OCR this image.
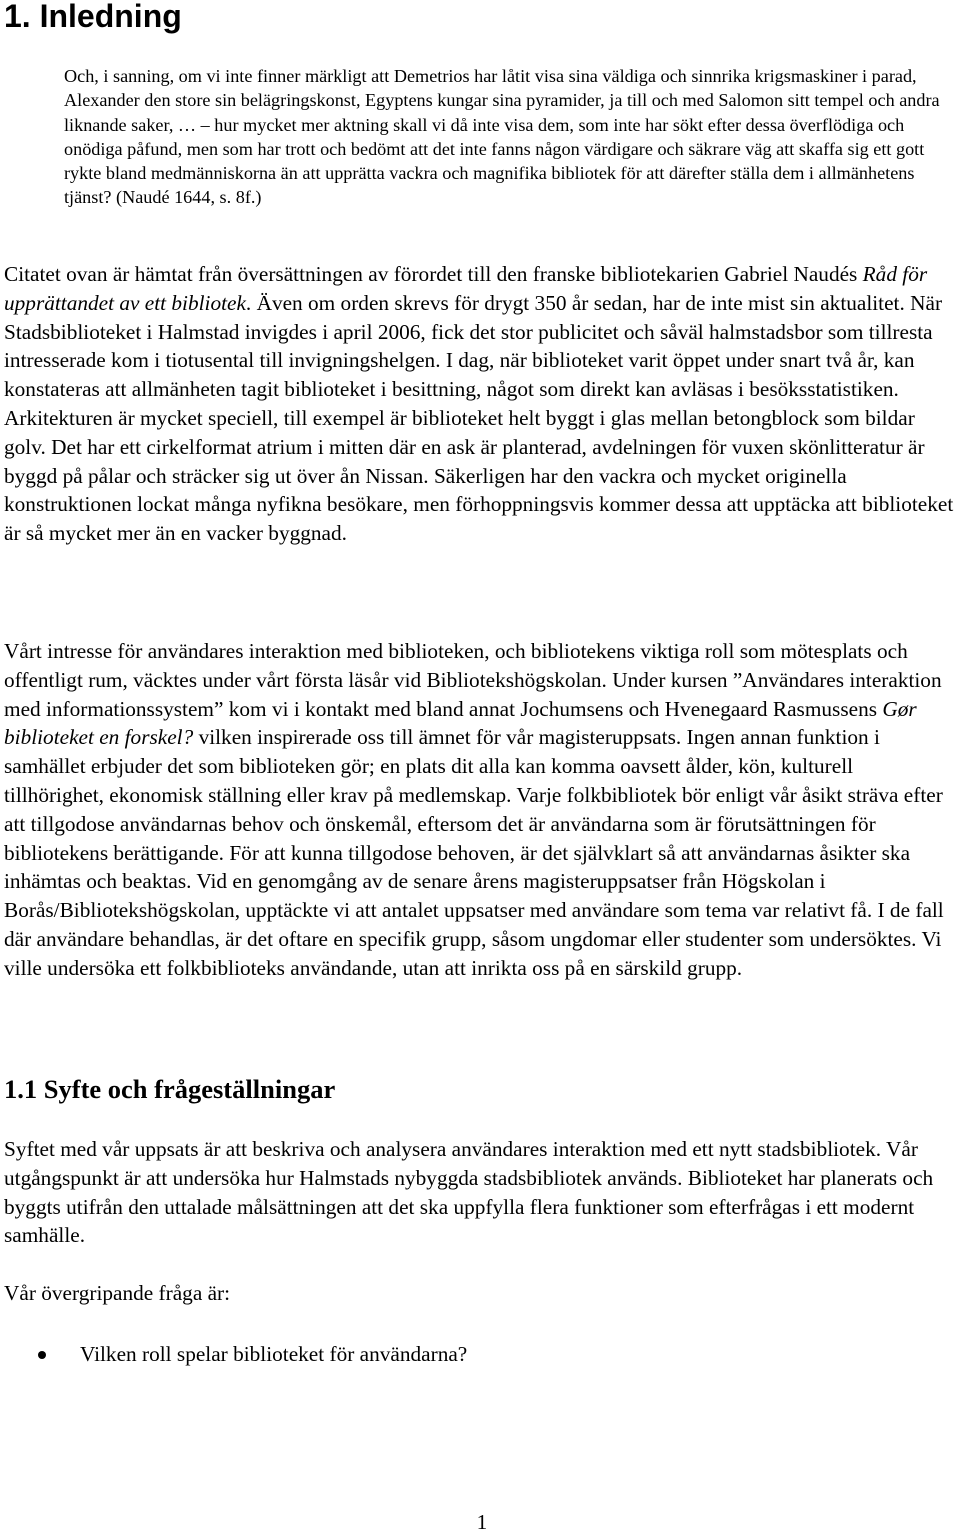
1. Inledning

Och, i sanning, om vi inte finner märkligt att Demetrios har låtit visa sina väldiga och sinnrika krigsmaskiner i parad, Alexander den store sin belägringskonst, Egyptens kungar sina pyramider, ja till och med Salomon sitt tempel och andra liknande saker, … – hur mycket mer aktning skall vi då inte visa dem, som inte har sökt efter dessa överflödiga och onödiga påfund, men som har trott och bedömt att det inte fanns någon värdigare och säkrare väg att skaffa sig ett gott rykte bland medmänniskorna än att upprätta vackra och magnifika bibliotek för att därefter ställa dem i allmänhetens tjänst? (Naudé 1644, s. 8f.)

Citatet ovan är hämtat från översättningen av förordet till den franske bibliotekarien Gabriel Naudés Råd för upprättandet av ett bibliotek. Även om orden skrevs för drygt 350 år sedan, har de inte mist sin aktualitet. När Stadsbiblioteket i Halmstad invigdes i april 2006, fick det stor publicitet och såväl halmstadsbor som tillresta intresserade kom i tiotusental till invigningshelgen. I dag, när biblioteket varit öppet under snart två år, kan konstateras att allmänheten tagit biblioteket i besittning, något som direkt kan avläsas i besöksstatistiken. Arkitekturen är mycket speciell, till exempel är biblioteket helt byggt i glas mellan betongblock som bildar golv. Det har ett cirkelformat atrium i mitten där en ask är planterad, avdelningen för vuxen skönlitteratur är byggd på pålar och sträcker sig ut över ån Nissan. Säkerligen har den vackra och mycket originella konstruktionen lockat många nyfikna besökare, men förhoppningsvis kommer dessa att upptäcka att biblioteket är så mycket mer än en vacker byggnad.

Vårt intresse för användares interaktion med biblioteken, och bibliotekens viktiga roll som mötesplats och offentligt rum, väcktes under vårt första läsår vid Bibliotekshögskolan. Under kursen ”Användares interaktion med informationssystem” kom vi i kontakt med bland annat Jochumsens och Hvenegaard Rasmussens Gør biblioteket en forskel? vilken inspirerade oss till ämnet för vår magisteruppsats. Ingen annan funktion i samhället erbjuder det som biblioteken gör; en plats dit alla kan komma oavsett ålder, kön, kulturell tillhörighet, ekonomisk ställning eller krav på medlemskap. Varje folkbibliotek bör enligt vår åsikt sträva efter att tillgodose användarnas behov och önskemål, eftersom det är användarna som är förutsättningen för bibliotekens berättigande. För att kunna tillgodose behoven, är det självklart så att användarnas åsikter ska inhämtas och beaktas. Vid en genomgång av de senare årens magisteruppsatser från Högskolan i Borås/Bibliotekshögskolan, upptäckte vi att antalet uppsatser med användare som tema var relativt få. I de fall där användare behandlas, är det oftare en specifik grupp, såsom ungdomar eller studenter som undersöktes. Vi ville undersöka ett folkbiblioteks användande, utan att inrikta oss på en särskild grupp.

1.1 Syfte och frågeställningar

Syftet med vår uppsats är att beskriva och analysera användares interaktion med ett nytt stadsbibliotek. Vår utgångspunkt är att undersöka hur Halmstads nybyggda stadsbibliotek används. Biblioteket har planerats och byggts utifrån den uttalade målsättningen att det ska uppfylla flera funktioner som efterfrågas i ett modernt samhälle.

Vår övergripande fråga är:

Vilken roll spelar biblioteket för användarna?
1
